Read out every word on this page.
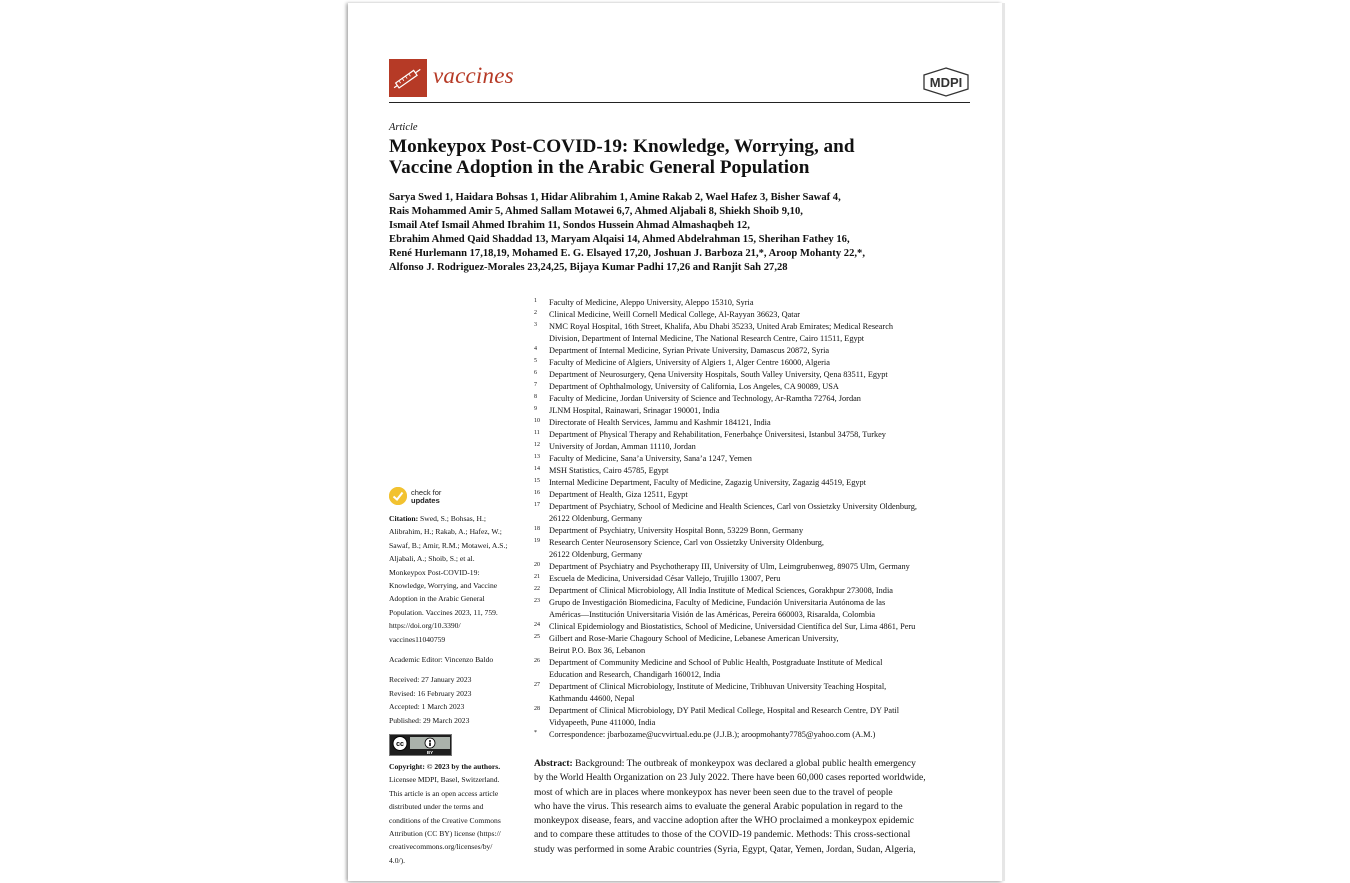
vaccines	MDPI
Article
Monkeypox Post-COVID-19: Knowledge, Worrying, and
Vaccine Adoption in the Arabic General Population
Sarya Swed 1, Haidara Bohsas 1, Hidar Alibrahim 1, Amine Rakab 2, Wael Hafez 3, Bisher Sawaf 4,
Rais Mohammed Amir 5, Ahmed Sallam Motawei 6,7, Ahmed Aljabali 8, Shiekh Shoib 9,10,
Ismail Atef Ismail Ahmed Ibrahim 11, Sondos Hussein Ahmad Almashaqbeh 12,
Ebrahim Ahmed Qaid Shaddad 13, Maryam Alqaisi 14, Ahmed Abdelrahman 15, Sherihan Fathey 16,
René Hurlemann 17,18,19, Mohamed E. G. Elsayed 17,20, Joshuan J. Barboza 21,*, Aroop Mohanty 22,*,
Alfonso J. Rodriguez-Morales 23,24,25, Bijaya Kumar Padhi 17,26 and Ranjit Sah 27,28
1	Faculty of Medicine, Aleppo University, Aleppo 15310, Syria
2	Clinical Medicine, Weill Cornell Medical College, Al-Rayyan 36623, Qatar
3	NMC Royal Hospital, 16th Street, Khalifa, Abu Dhabi 35233, United Arab Emirates; Medical Research
Division, Department of Internal Medicine, The National Research Centre, Cairo 11511, Egypt
4	Department of Internal Medicine, Syrian Private University, Damascus 20872, Syria
5	Faculty of Medicine of Algiers, University of Algiers 1, Alger Centre 16000, Algeria
6	Department of Neurosurgery, Qena University Hospitals, South Valley University, Qena 83511, Egypt
7	Department of Ophthalmology, University of California, Los Angeles, CA 90089, USA
8	Faculty of Medicine, Jordan University of Science and Technology, Ar-Ramtha 72764, Jordan
9	JLNM Hospital, Rainawari, Srinagar 190001, India
10	Directorate of Health Services, Jammu and Kashmir 184121, India
11	Department of Physical Therapy and Rehabilitation, Fenerbahçe Üniversitesi, Istanbul 34758, Turkey
12	University of Jordan, Amman 11110, Jordan
13	Faculty of Medicine, Sana’a University, Sana’a 1247, Yemen
14	MSH Statistics, Cairo 45785, Egypt
15	Internal Medicine Department, Faculty of Medicine, Zagazig University, Zagazig 44519, Egypt
16	Department of Health, Giza 12511, Egypt
17	Department of Psychiatry, School of Medicine and Health Sciences, Carl von Ossietzky University Oldenburg,
26122 Oldenburg, Germany
18	Department of Psychiatry, University Hospital Bonn, 53229 Bonn, Germany
19	Research Center Neurosensory Science, Carl von Ossietzky University Oldenburg,
26122 Oldenburg, Germany
20	Department of Psychiatry and Psychotherapy III, University of Ulm, Leimgrubenweg, 89075 Ulm, Germany
21	Escuela de Medicina, Universidad César Vallejo, Trujillo 13007, Peru
22	Department of Clinical Microbiology, All India Institute of Medical Sciences, Gorakhpur 273008, India
23	Grupo de Investigación Biomedicina, Faculty of Medicine, Fundación Universitaria Autónoma de las
Américas—Institución Universitaria Visión de las Américas, Pereira 660003, Risaralda, Colombia
24	Clinical Epidemiology and Biostatistics, School of Medicine, Universidad Científica del Sur, Lima 4861, Peru
25	Gilbert and Rose-Marie Chagoury School of Medicine, Lebanese American University,
Beirut P.O. Box 36, Lebanon
26	Department of Community Medicine and School of Public Health, Postgraduate Institute of Medical
Education and Research, Chandigarh 160012, India
27	Department of Clinical Microbiology, Institute of Medicine, Tribhuvan University Teaching Hospital,
Kathmandu 44600, Nepal
28	Department of Clinical Microbiology, DY Patil Medical College, Hospital and Research Centre, DY Patil
Vidyapeeth, Pune 411000, India
*	Correspondence: jbarbozame@ucvvirtual.edu.pe (J.J.B.); aroopmohanty7785@yahoo.com (A.M.)
check for
updates
Citation: Swed, S.; Bohsas, H.;
Alibrahim, H.; Rakab, A.; Hafez, W.;
Sawaf, B.; Amir, R.M.; Motawei, A.S.;
Aljabali, A.; Shoib, S.; et al.
Monkeypox Post-COVID-19:
Knowledge, Worrying, and Vaccine
Adoption in the Arabic General
Population. Vaccines 2023, 11, 759.
https://doi.org/10.3390/
vaccines11040759
Academic Editor: Vincenzo Baldo
Received: 27 January 2023
Revised: 16 February 2023
Accepted: 1 March 2023
Published: 29 March 2023
cc
BY
Copyright: © 2023 by the authors.
Licensee MDPI, Basel, Switzerland.
This article is an open access article
distributed under the terms and
conditions of the Creative Commons
Attribution (CC BY) license (https://
creativecommons.org/licenses/by/
4.0/).
Abstract: Background: The outbreak of monkeypox was declared a global public health emergency
by the World Health Organization on 23 July 2022. There have been 60,000 cases reported worldwide,
most of which are in places where monkeypox has never been seen due to the travel of people
who have the virus. This research aims to evaluate the general Arabic population in regard to the
monkeypox disease, fears, and vaccine adoption after the WHO proclaimed a monkeypox epidemic
and to compare these attitudes to those of the COVID-19 pandemic. Methods: This cross-sectional
study was performed in some Arabic countries (Syria, Egypt, Qatar, Yemen, Jordan, Sudan, Algeria,
